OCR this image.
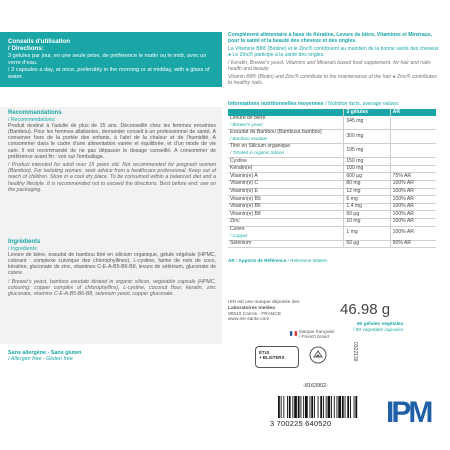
Conseils d'utilisation
/ Directions:
3 gélules par jour, en une seule prise, de préférence le matin ou le midi, avec un verre d'eau.
/ 3 capsules a day, at once, preferably in the morning or at midday, with a glass of water.
Recommandations
/ Recommendations:

Produit destiné à l'adulte de plus de 15 ans. Déconseillé chez les femmes enceintes (Bambou). Pour les femmes allaitantes, demander conseil à un professionnel de santé. A conserver hors de la portée des enfants, à l'abri de la chaleur et de l'humidité. A consommer dans le cadre d'une alimentation variée et équilibrée, et d'un mode de vie sain. Il est recommandé de ne pas dépasser le dosage conseillé. A consommer de préférence avant fin : voir sur l'emballage.

/ Product intended for adult over 15 years old. Not recommended for pregnant women (Bamboo). For lactating women, seek advice from a healthcare professional. Keep out of reach of children. Store in a cool dry place. To be consumed within a balanced diet and a healthy lifestyle. It is recommended not to exceed the directions. Best before end: see on the packaging.

Ingrédients
/ Ingredients:

Levure de bière, exsudat de bambou titré en silicium organique, gélule végétale (HPMC, colorant : complexe cuivrique des chlorophyllines), L-cystine, farine de noix de coco, kératine, gluconate de zinc, vitamines C-E-A-B5-B6-B8, levure de sélénium, gluconate de cuivre.

/ Brewer's yeast, bamboo exudate titrated in organic silicon, vegetable capsule (HPMC, colouring: copper complex of chlorophyllins), L-cystine, coconut flour, keratin, zinc gluconate, vitamins C-E-A-B5-B6-B8, selenium yeast, copper gluconate.

Sans allergène - Sans gluten
/ Allergen free - Gluten free

Complément alimentaire à base de Kératine, Levure de bière, Vitamines et Minéraux, pour la santé et la beauté des cheveux et des ongles.

La Vitamine B8® (Biotine) et le Zinc® contribuent au maintien de la bonne santé des cheveux ● Le Zinc® participe à la santé des ongles.

/ Keratin, Brewer's yeast, Vitamins and Minerals based food supplement, for hair and nails health and beauty.

Vitamin B8® (Biotin) and Zinc® contribute to the maintenance of the hair ● Zinc® contributes to healthy nails.

Informations nutritionnelles moyennes / Nutrition facts, average values:
	3 gélules	AR
Levure de bière
/ Brewer's yeast	345 mg	
Exsudat de Bambou (Bambusa bambos)
/ Bamboo exudate	300 mg	
Titré en Silicium organique
/ Titrated in organic Silicon	195 mg	
Cystine	150 mg	
Kératin(e)	100 mg	
Vitamin(e) A	600 µg	75% AR
Vitamin(e) C	80 mg	100% AR
Vitamin(e) E	12 mg	100% AR
Vitamin(e) B5	6 mg	100% AR
Vitamin(e) B6	1.4 mg	100% AR
Vitamin(e) B8	50 µg	100% AR
Zinc	10 mg	100% AR
Cuivre
/ Copper	1 mg	100% AR
Sélénium	50 µg	90% AR
AR : Apports de Référence / Reference Intakes
ISN est une marque déposée des
Laboratoires Ineldea
06510 Carros - FRANCE
www.isn-sante.com
Marque française
/ French brand
46.98 g
90 gélules végétales
/ 90 vegetable capsules
ÉTUI
+ BLISTERS	0322139
-8163902-
3 700225 640520 IPM
